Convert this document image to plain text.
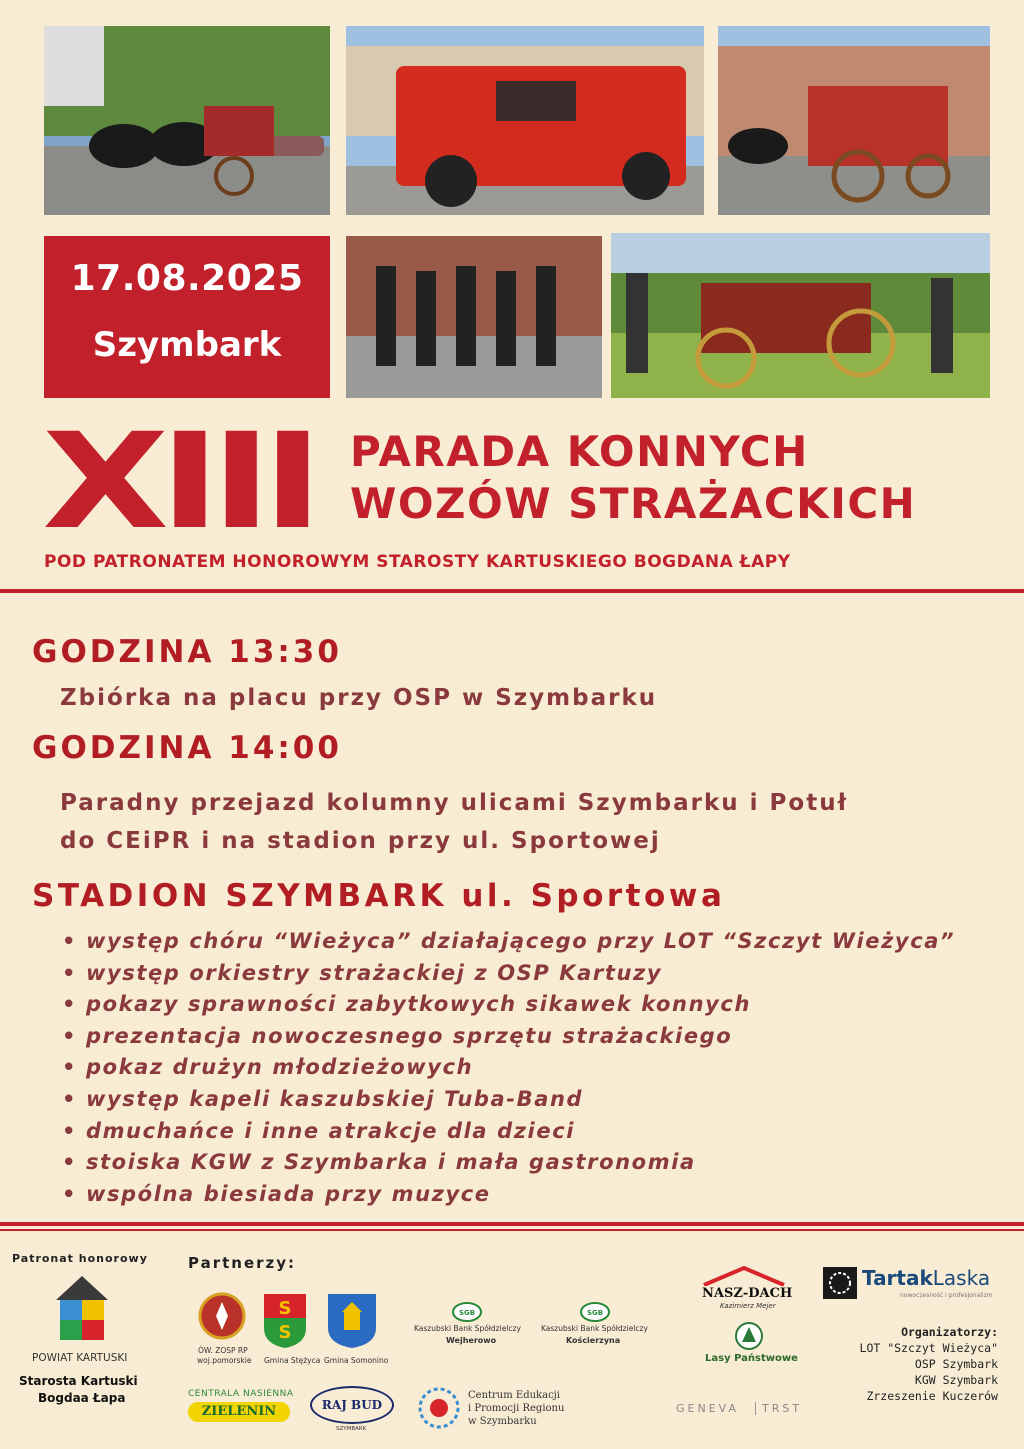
17.08.2025
Szymbark
XIII PARADA KONNYCH
WOZÓW STRAŻACKICH
POD PATRONATEM HONOROWYM STAROSTY KARTUSKIEGO BOGDANA ŁAPY
GODZINA 13:30
Zbiórka na placu przy OSP w Szymbarku
GODZINA 14:00
Paradny przejazd kolumny ulicami Szymbarku i Potuł
do CEiPR i na stadion przy ul. Sportowej
STADION SZYMBARK ul. Sportowa
• występ chóru “Wieżyca” działającego przy LOT “Szczyt Wieżyca”
• występ orkiestry strażackiej z OSP Kartuzy
• pokazy sprawności zabytkowych sikawek konnych
• prezentacja nowoczesnego sprzętu strażackiego
• pokaz drużyn młodzieżowych
• występ kapeli kaszubskiej Tuba-Band
• dmuchańce i inne atrakcje dla dzieci
• stoiska KGW z Szymbarka i mała gastronomia
• wspólna biesiada przy muzyce
Patronat honorowy
POWIAT KARTUSKI
Starosta Kartuski
Bogdaa Łapa
Partnerzy:
ÓW. ZOSP RP
woj.pomorskie
S
S
Gmina Stężyca Gmina Somonino
SGB
Kaszubski Bank Spółdzielczy
Wejherowo
SGB
Kaszubski Bank Spółdzielczy
Kościerzyna
CENTRALA NASIENNA
ZIELENIN	RAJ BUD
SZYMBARK
Centrum Edukacji
i Promocji Regionu
w Szymbarku
NASZ-DACH
Kazimierz Mejer
Lasy Państwowe
GENEVA	TRST
TartakLaska
nowoczesność i profesjonalizm
Organizatorzy:
LOT "Szczyt Wieżyca"
OSP Szymbark
KGW Szymbark
Zrzeszenie Kuczerów
